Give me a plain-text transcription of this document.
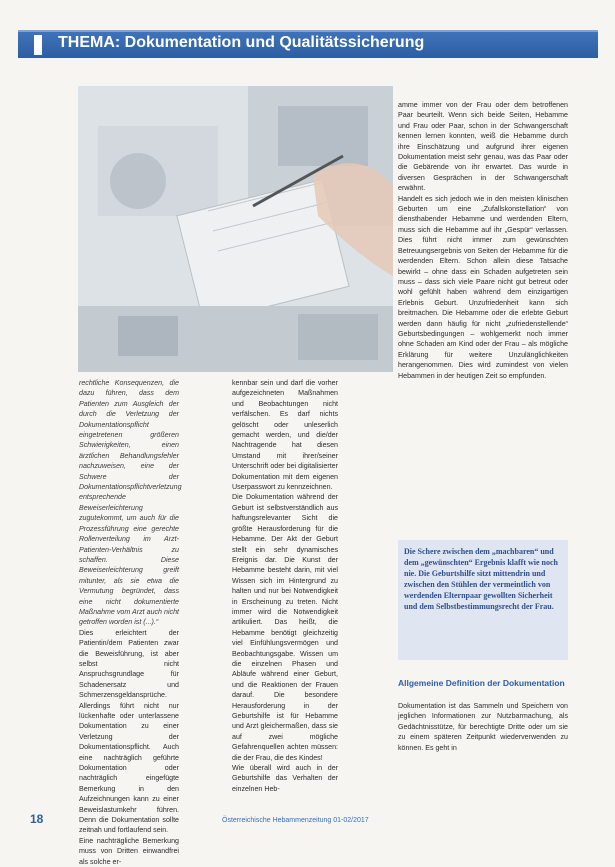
THEMA: Dokumentation und Qualitätssicherung

rechtliche Konsequenzen, die dazu führen, dass dem Patienten zum Ausgleich der durch die Verletzung der Dokumentationspflicht eingetretenen größeren Schwierigkeiten, einen ärztlichen Behandlungsfehler nachzuweisen, eine der Schwere der Dokumentationspflichtverletzung entsprechende Beweiserleichterung zugutekommt, um auch für die Prozessführung eine gerechte Rollenverteilung im Arzt-Patienten-Verhältnis zu schaffen. Diese Beweiserleichterung greift mitunter, als sie etwa die Vermutung begründet, dass eine nicht dokumentierte Maßnahme vom Arzt auch nicht getroffen worden ist (...).“

Dies erleichtert der Patientin/dem Patienten zwar die Beweisführung, ist aber selbst nicht Anspruchsgrundlage für Schadenersatz und Schmerzensgeldansprüche.

Allerdings führt nicht nur lückenhafte oder unterlassene Dokumentation zu einer Verletzung der Dokumentationspflicht. Auch eine nachträglich geführte Dokumentation oder nachträglich eingefügte Bemerkung in den Aufzeichnungen kann zu einer Beweislastumkehr führen. Denn die Dokumentation sollte zeitnah und fortlaufend sein.

Eine nachträgliche Bemerkung muss von Dritten einwandfrei als solche er-

kennbar sein und darf die vorher aufgezeichneten Maßnahmen und Beobachtungen nicht verfälschen. Es darf nichts gelöscht oder unleserlich gemacht werden, und die/der Nachtragende hat diesen Umstand mit ihrer/seiner Unterschrift oder bei digitalisierter Dokumentation mit dem eigenen Userpasswort zu kennzeichnen.

Die Dokumentation während der Geburt ist selbstverständlich aus haftungsrelevanter Sicht die größte Herausforderung für die Hebamme. Der Akt der Geburt stellt ein sehr dynamisches Ereignis dar. Die Kunst der Hebamme besteht darin, mit viel Wissen sich im Hintergrund zu halten und nur bei Notwendigkeit in Erscheinung zu treten. Nicht immer wird die Notwendigkeit artikuliert. Das heißt, die Hebamme benötigt gleichzeitig viel Einfühlungsvermögen und Beobachtungsgabe. Wissen um die einzelnen Phasen und Abläufe während einer Geburt, und die Reaktionen der Frauen darauf. Die besondere Herausforderung in der Geburtshilfe ist für Hebamme und Arzt gleichermaßen, dass sie auf zwei mögliche Gefahrenquellen achten müssen: die der Frau, die des Kindes!

Wie überall wird auch in der Geburtshilfe das Verhalten der einzelnen Heb-

amme immer von der Frau oder dem betroffenen Paar beurteilt. Wenn sich beide Seiten, Hebamme und Frau oder Paar, schon in der Schwangerschaft kennen lernen konnten, weiß die Hebamme durch ihre Einschätzung und aufgrund ihrer eigenen Dokumentation meist sehr genau, was das Paar oder die Gebärende von ihr erwartet. Das wurde in diversen Gesprächen in der Schwangerschaft erwähnt.

Handelt es sich jedoch wie in den meisten klinischen Geburten um eine „Zufallskonstellation“ von diensthabender Hebamme und werdenden Eltern, muss sich die Hebamme auf ihr „Gespür“ verlassen. Dies führt nicht immer zum gewünschten Betreuungsergebnis von Seiten der Hebamme für die werdenden Eltern. Schon allein diese Tatsache bewirkt – ohne dass ein Schaden aufgetreten sein muss – dass sich viele Paare nicht gut betreut oder wohl gefühlt haben während dem einzigartigen Erlebnis Geburt. Unzufriedenheit kann sich breitmachen. Die Hebamme oder die erlebte Geburt werden dann häufig für nicht „zufriedenstellende“ Geburtsbedingungen – wohlgemerkt noch immer ohne Schaden am Kind oder der Frau – als mögliche Erklärung für weitere Unzulänglichkeiten herangenommen. Dies wird zumindest von vielen Hebammen in der heutigen Zeit so empfunden.

Die Schere zwischen dem „machbaren“ und dem „gewünschten“ Ergebnis klafft wie noch nie. Die Geburtshilfe sitzt mittendrin und zwischen den Stühlen der vermeintlich von werdenden Elternpaar gewollten Sicherheit und dem Selbstbestimmungsrecht der Frau.

Allgemeine Definition der Dokumentation

Dokumentation ist das Sammeln und Speichern von jeglichen Informationen zur Nutzbarmachung, als Gedächtnisstütze, für berechtigte Dritte oder um sie zu einem späteren Zeitpunkt wiederverwenden zu können. Es geht in

18	Österreichische Hebammenzeitung 01-02/2017
